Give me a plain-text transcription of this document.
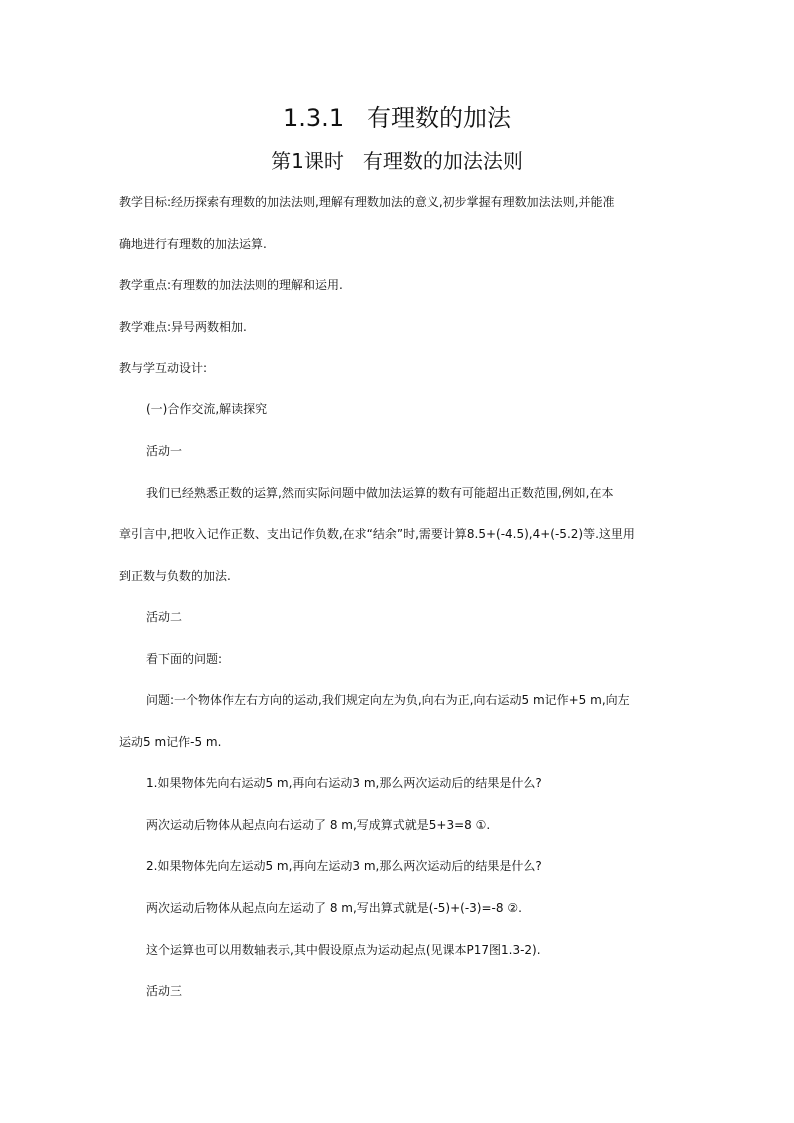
1.3.1   有理数的加法
第1课时   有理数的加法法则
教学目标:经历探索有理数的加法法则,理解有理数加法的意义,初步掌握有理数加法法则,并能准
确地进行有理数的加法运算.
教学重点:有理数的加法法则的理解和运用.
教学难点:异号两数相加.
教与学互动设计:
(一)合作交流,解读探究
活动一
我们已经熟悉正数的运算,然而实际问题中做加法运算的数有可能超出正数范围,例如,在本
章引言中,把收入记作正数、支出记作负数,在求“结余”时,需要计算8.5+(-4.5),4+(-5.2)等.这里用
到正数与负数的加法.
活动二
看下面的问题:
问题:一个物体作左右方向的运动,我们规定向左为负,向右为正,向右运动5 m记作+5 m,向左
运动5 m记作-5 m.
1.如果物体先向右运动5 m,再向右运动3 m,那么两次运动后的结果是什么?
两次运动后物体从起点向右运动了 8 m,写成算式就是5+3=8 ①.
2.如果物体先向左运动5 m,再向左运动3 m,那么两次运动后的结果是什么?
两次运动后物体从起点向左运动了 8 m,写出算式就是(-5)+(-3)=-8 ②.
这个运算也可以用数轴表示,其中假设原点为运动起点(见课本P17图1.3-2).
活动三
